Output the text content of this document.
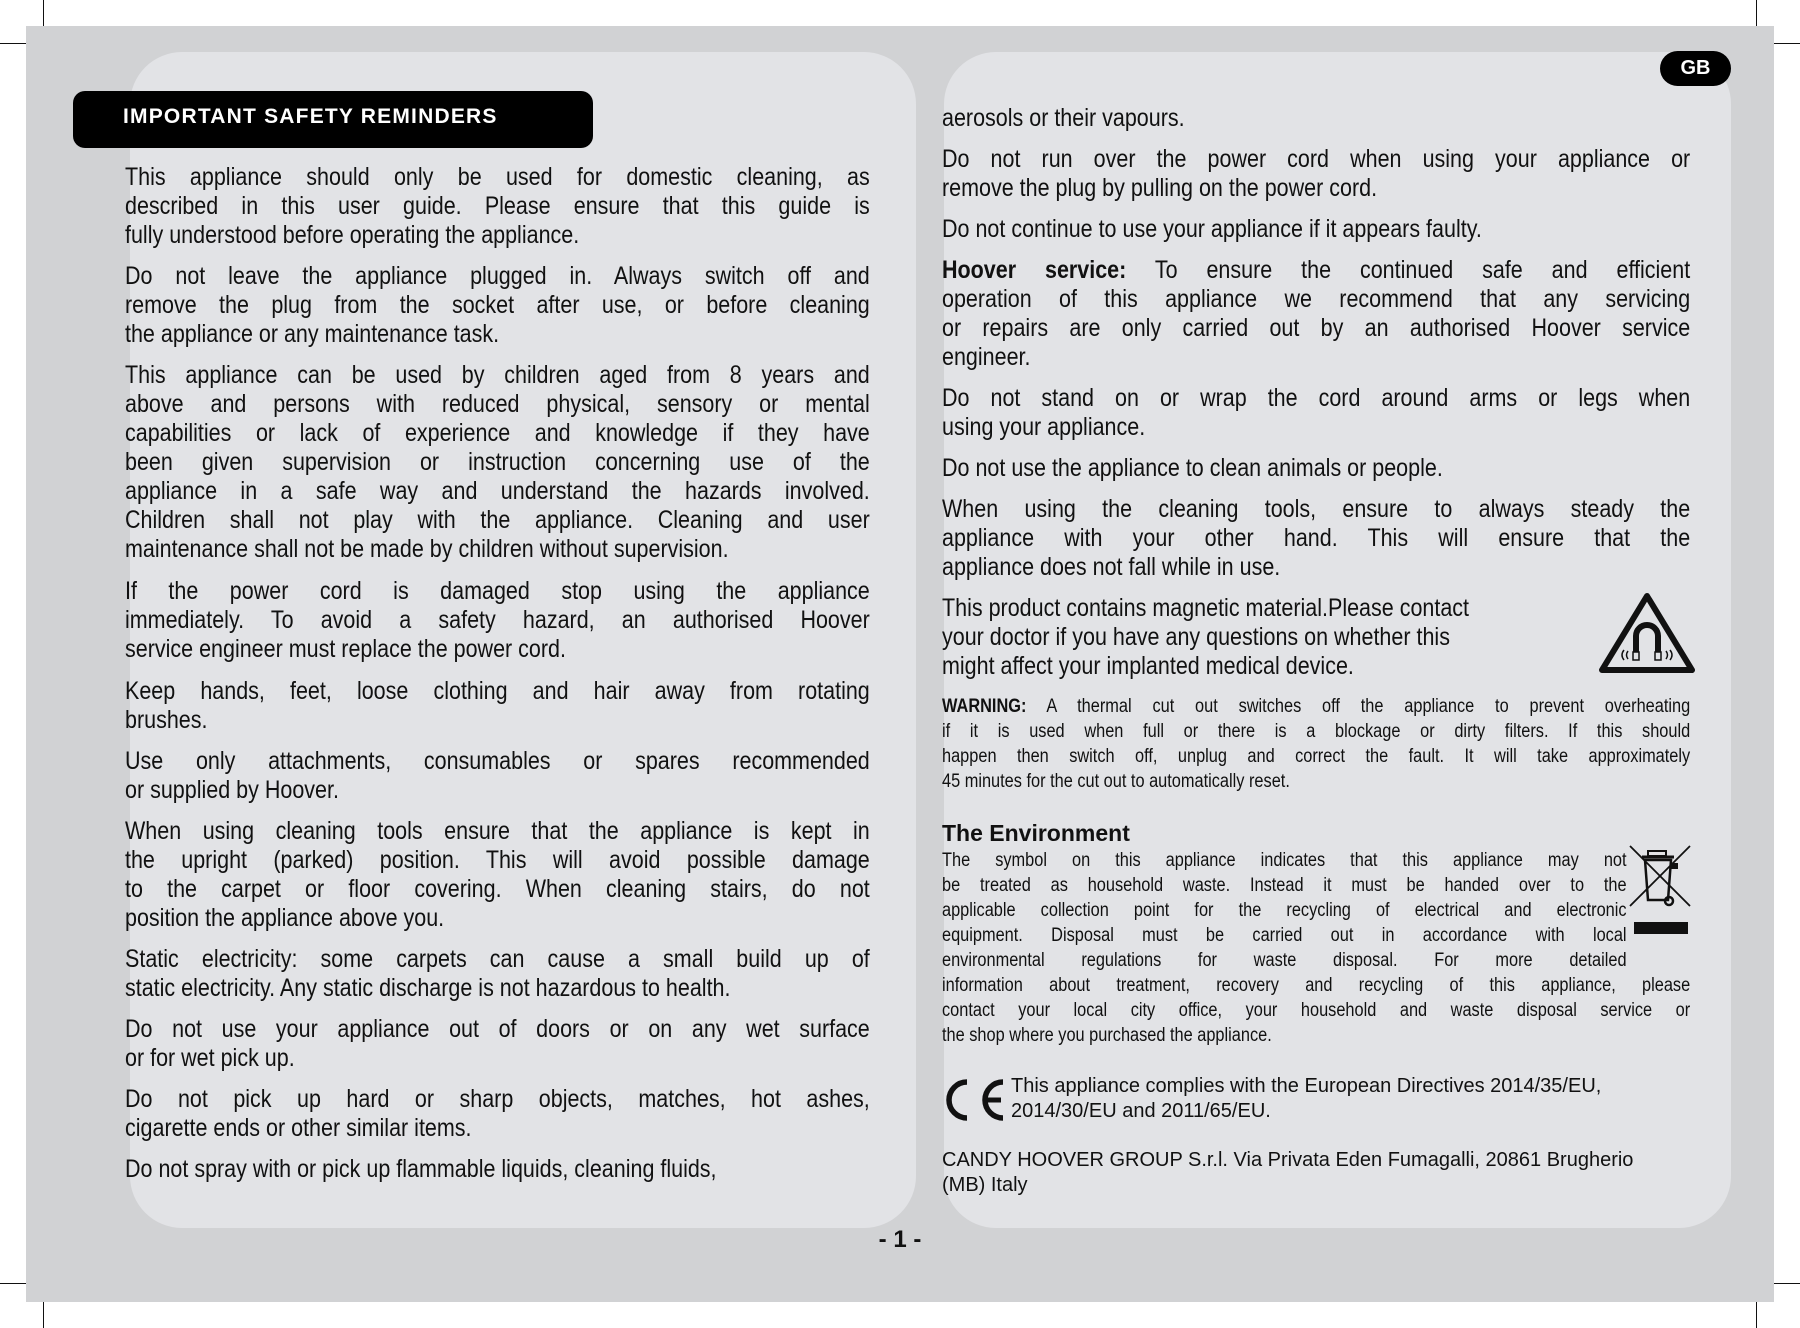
IMPORTANT SAFETY REMINDERS
GB
This appliance should only be used for domestic cleaning, as
described in this user guide. Please ensure that this guide is
fully understood before operating the appliance.
Do not leave the appliance plugged in. Always switch off and
remove the plug from the socket after use, or before cleaning
the appliance or any maintenance task.
This appliance can be used by children aged from 8 years and
above and persons with reduced physical, sensory or mental
capabilities or lack of experience and knowledge if they have
been given supervision or instruction concerning use of the
appliance in a safe way and understand the hazards involved.
Children shall not play with the appliance. Cleaning and user
maintenance shall not be made by children without supervision.
If the power cord is damaged stop using the appliance
immediately. To avoid a safety hazard, an authorised Hoover
service engineer must replace the power cord.
Keep hands, feet, loose clothing and hair away from rotating
brushes.
Use only attachments, consumables or spares recommended
or supplied by Hoover.
When using cleaning tools ensure that the appliance is kept in
the upright (parked) position. This will avoid possible damage
to the carpet or floor covering. When cleaning stairs, do not
position the appliance above you.
Static electricity: some carpets can cause a small build up of
static electricity. Any static discharge is not hazardous to health.
Do not use your appliance out of doors or on any wet surface
or for wet pick up.
Do not pick up hard or sharp objects, matches, hot ashes,
cigarette ends or other similar items.
Do not spray with or pick up flammable liquids, cleaning fluids,
aerosols or their vapours.
Do not run over the power cord when using your appliance or
remove the plug by pulling on the power cord.
Do not continue to use your appliance if it appears faulty.
Hoover service: To ensure the continued safe and efficient
operation of this appliance we recommend that any servicing
or repairs are only carried out by an authorised Hoover service
engineer.
Do not stand on or wrap the cord around arms or legs when
using your appliance.
Do not use the appliance to clean animals or people.
When using the cleaning tools, ensure to always steady the
appliance with your other hand. This will ensure that the
appliance does not fall while in use.
This product contains magnetic material.Please contact
your doctor if you have any questions on whether this
might affect your implanted medical device.
WARNING: A thermal cut out switches off the appliance to prevent overheating
if it is used when full or there is a blockage or dirty filters. If this should
happen then switch off, unplug and correct the fault. It will take approximately
45 minutes for the cut out to automatically reset.
The Environment
The symbol on this appliance indicates that this appliance may not
be treated as household waste. Instead it must be handed over to the
applicable collection point for the recycling of electrical and electronic
equipment. Disposal must be carried out in accordance with local
environmental regulations for waste disposal. For more detailed
information about treatment, recovery and recycling of this appliance, please
contact your local city office, your household and waste disposal service or
the shop where you purchased the appliance.
This appliance complies with the European Directives 2014/35/EU,
2014/30/EU and 2011/65/EU.
CANDY HOOVER GROUP S.r.l. Via Privata Eden Fumagalli, 20861 Brugherio
(MB) Italy
- 1 -
